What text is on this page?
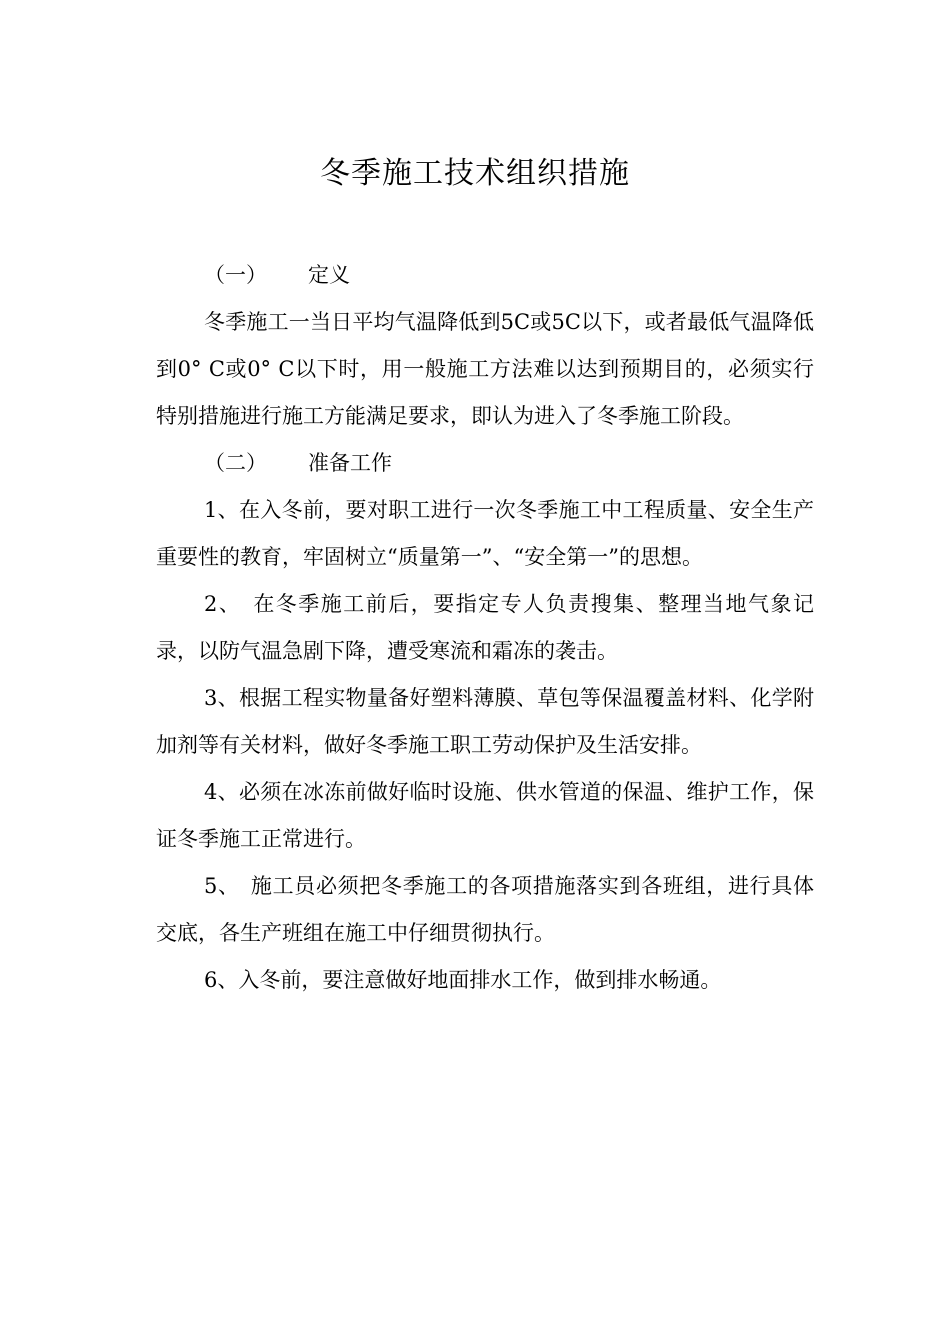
冬季施工技术组织措施

（一） 定义

冬季施工一当日平均气温降低到5C或5C以下，或者最低气温降低到0° C或0° C以下时，用一般施工方法难以达到预期目的，必须实行特别措施进行施工方能满足要求，即认为进入了冬季施工阶段。

（二） 准备工作

1、在入冬前，要对职工进行一次冬季施工中工程质量、安全生产重要性的教育，牢固树立“质量第一”、“安全第一”的思想。

2、　在冬季施工前后，要指定专人负责搜集、整理当地气象记录，以防气温急剧下降，遭受寒流和霜冻的袭击。

3、根据工程实物量备好塑料薄膜、草包等保温覆盖材料、化学附加剂等有关材料，做好冬季施工职工劳动保护及生活安排。

4、必须在冰冻前做好临时设施、供水管道的保温、维护工作，保证冬季施工正常进行。

5、　施工员必须把冬季施工的各项措施落实到各班组，进行具体交底，各生产班组在施工中仔细贯彻执行。

6、入冬前，要注意做好地面排水工作，做到排水畅通。
